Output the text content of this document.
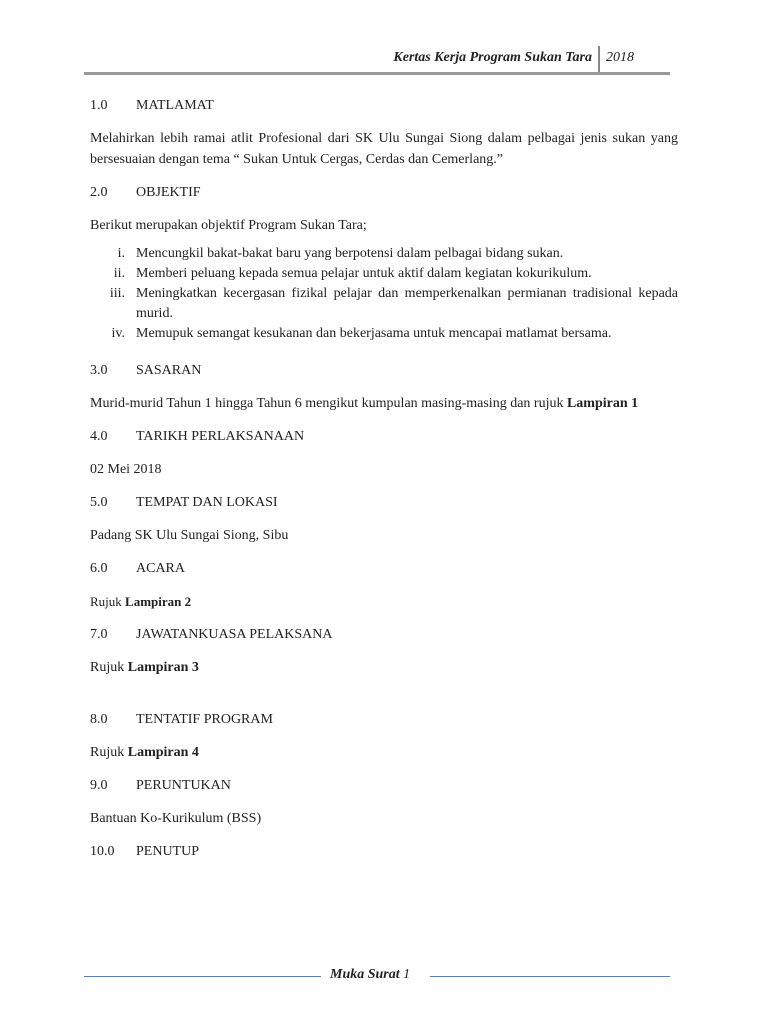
Kertas Kerja Program Sukan Tara 2018
1.0	MATLAMAT
Melahirkan lebih ramai atlit Profesional dari SK Ulu Sungai Siong dalam pelbagai jenis sukan yang bersesuaian dengan tema “ Sukan Untuk Cergas, Cerdas dan Cemerlang.”
2.0	OBJEKTIF
Berikut merupakan objektif Program Sukan Tara;
i. Mencungkil bakat-bakat baru yang berpotensi dalam pelbagai bidang sukan.
ii. Memberi peluang kepada semua pelajar untuk aktif dalam kegiatan kokurikulum.
iii. Meningkatkan kecergasan fizikal pelajar dan memperkenalkan permianan tradisional kepada murid.
iv. Memupuk semangat kesukanan dan bekerjasama untuk mencapai matlamat bersama.
3.0	SASARAN
Murid-murid Tahun 1 hingga Tahun 6 mengikut kumpulan masing-masing dan rujuk Lampiran 1
4.0	TARIKH PERLAKSANAAN
02 Mei 2018
5.0	TEMPAT DAN LOKASI
Padang SK Ulu Sungai Siong, Sibu
6.0	ACARA
Rujuk Lampiran 2
7.0	JAWATANKUASA PELAKSANA
Rujuk Lampiran 3
8.0	TENTATIF PROGRAM
Rujuk Lampiran 4
9.0	PERUNTUKAN
Bantuan Ko-Kurikulum (BSS)
10.0	PENUTUP
Muka Surat 1
